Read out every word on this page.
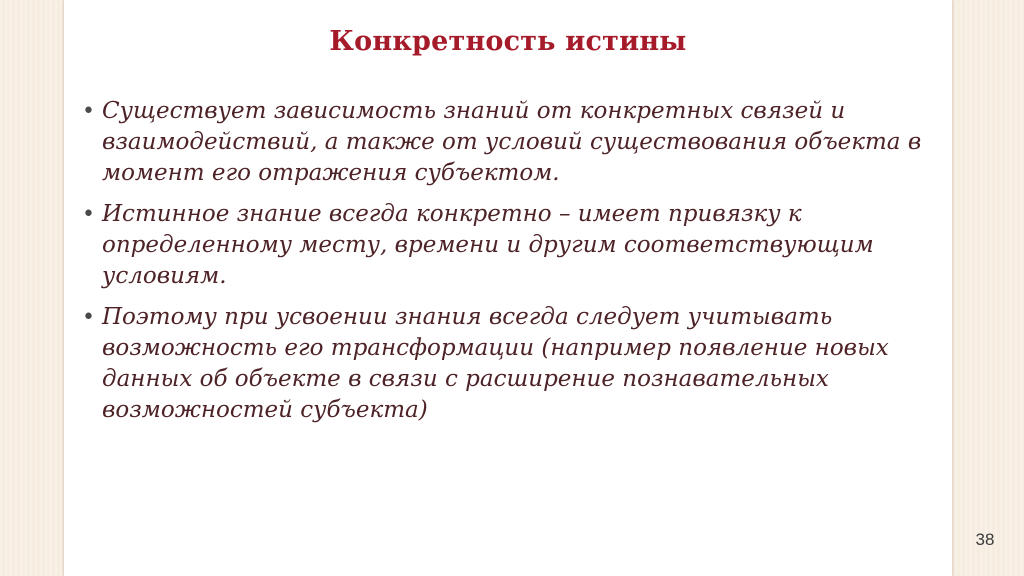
Конкретность истины
• Существует зависимость знаний от конкретных связей и взаимодействий, а также от условий существования объекта в момент его отражения субъектом.
• Истинное знание всегда конкретно – имеет привязку к определенному месту, времени и другим соответствующим условиям.
• Поэтому при усвоении знания всегда следует учитывать возможность его трансформации (например появление новых данных об объекте в связи с расширение познавательных возможностей субъекта)
38
